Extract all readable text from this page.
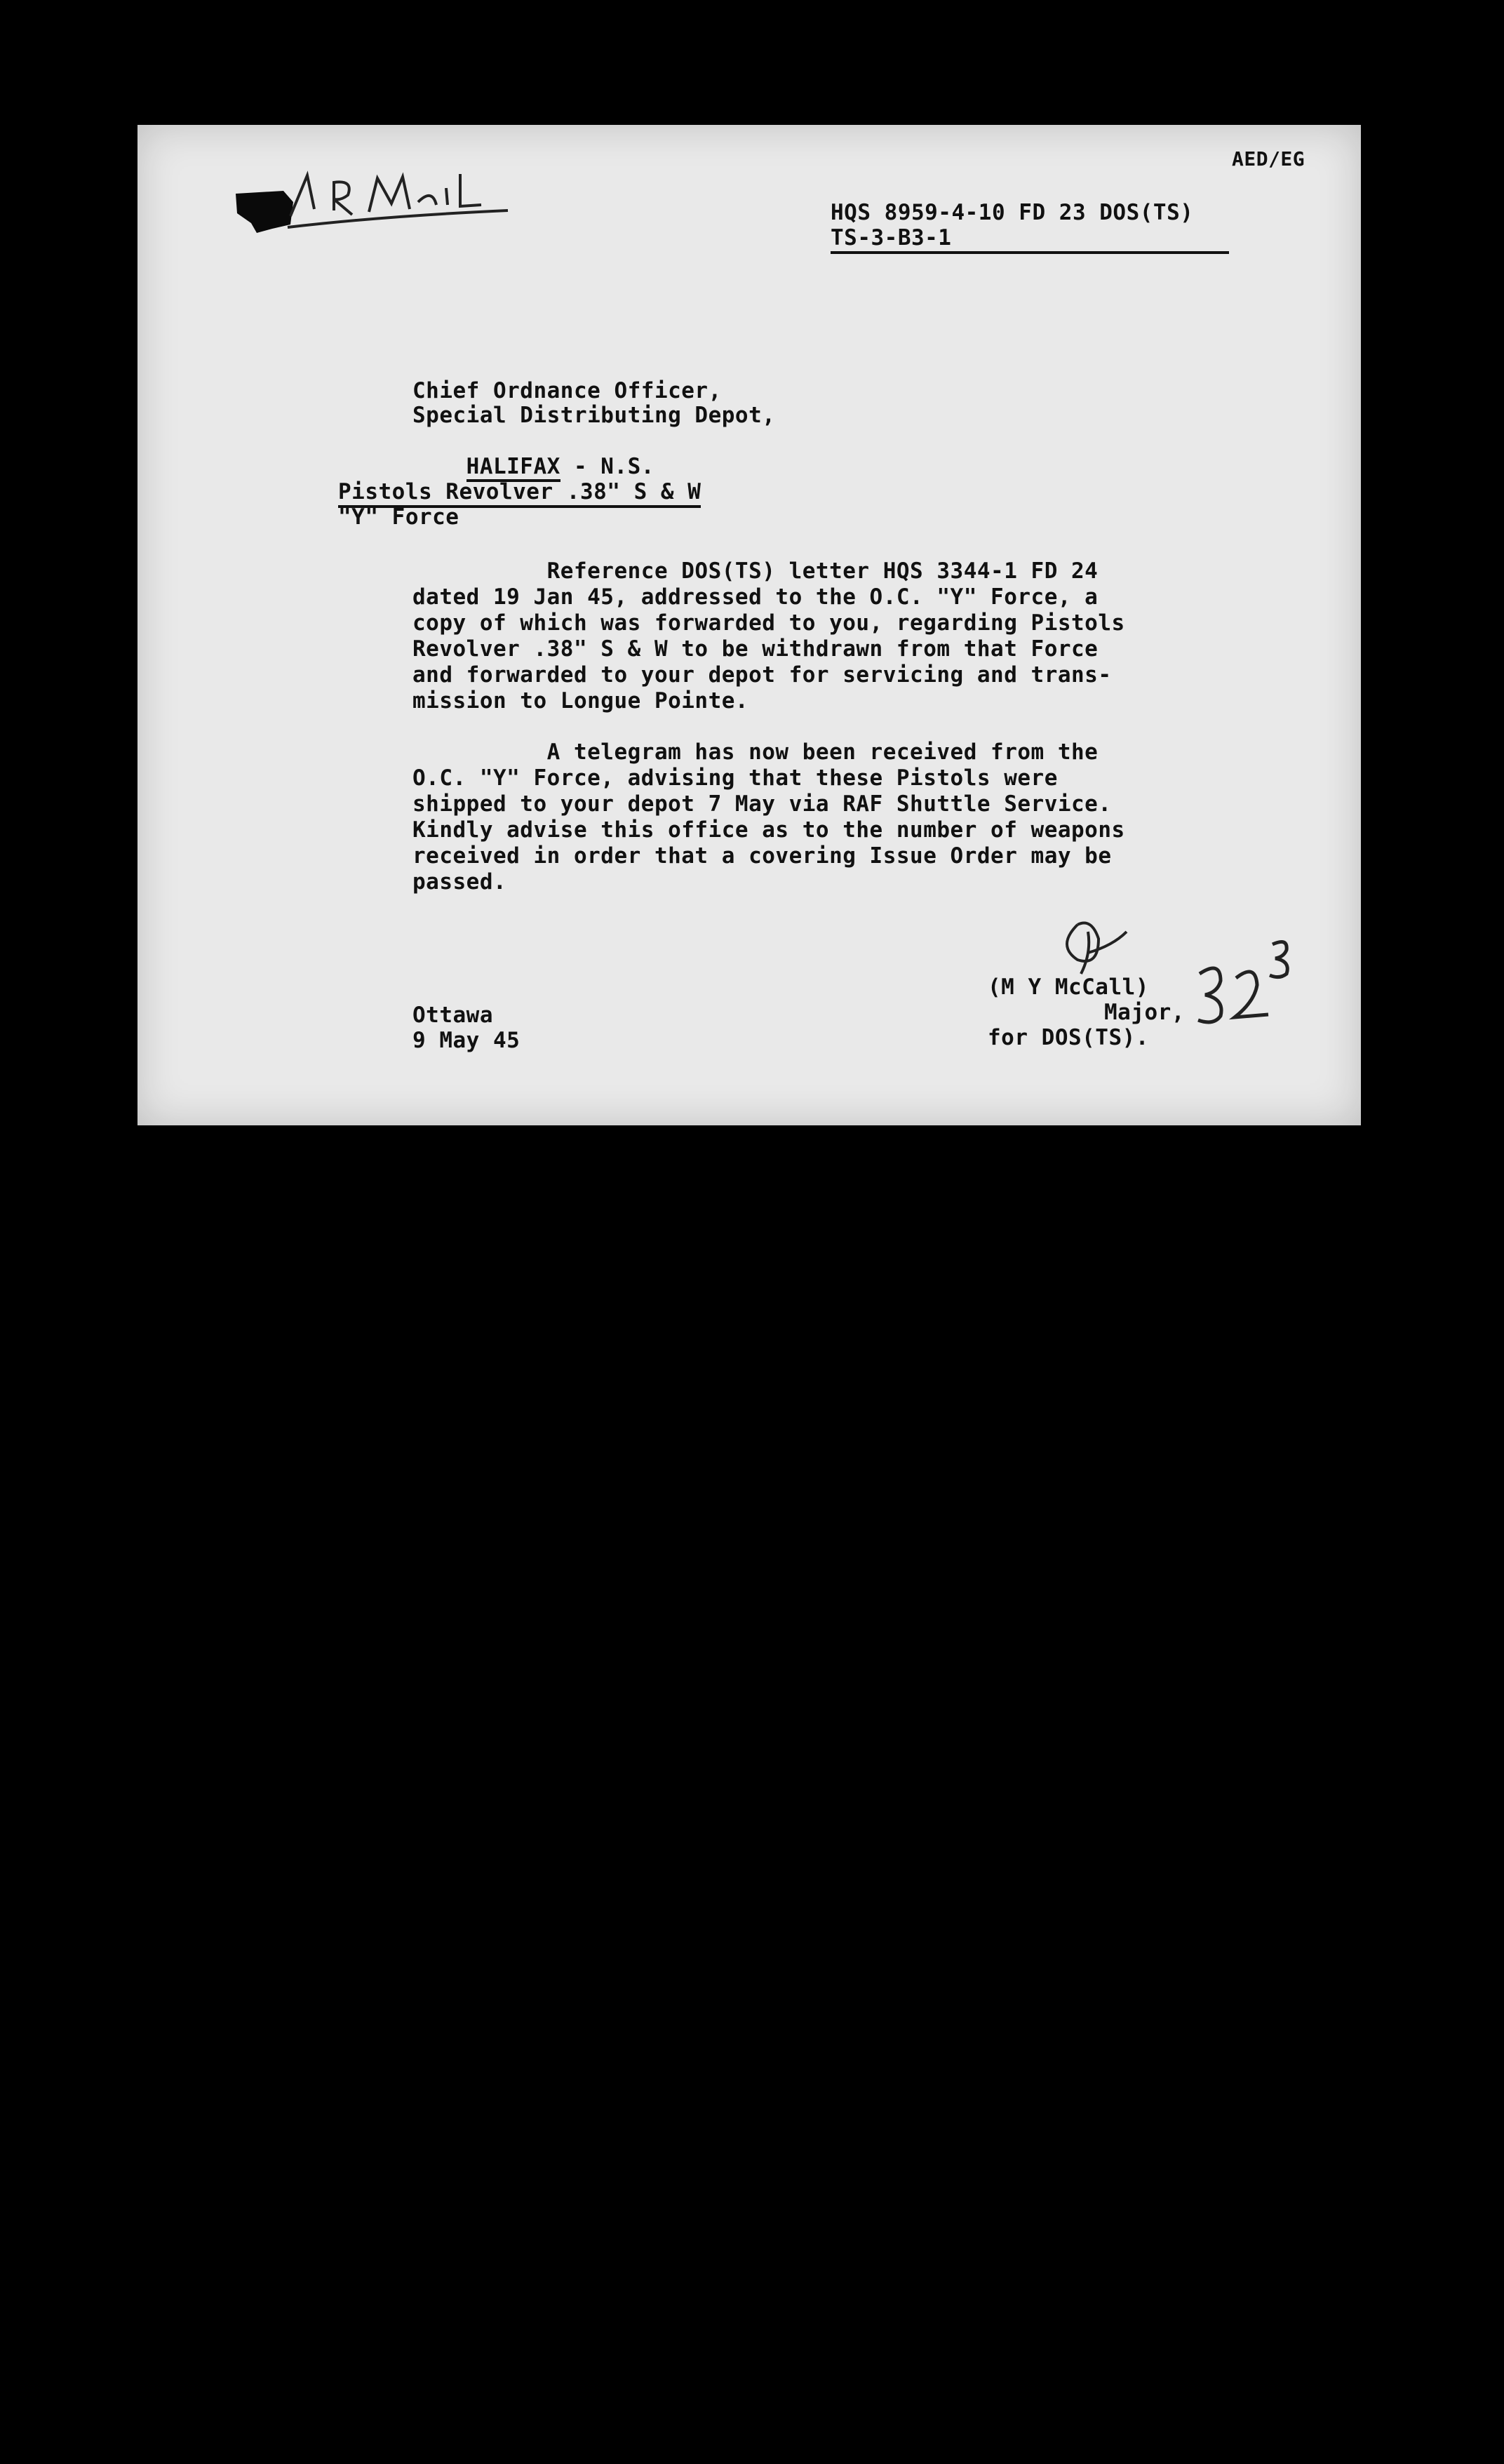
AED/EG
HQS 8959-4-10 FD 23 DOS(TS)
TS-3-B3-1
Chief Ordnance Officer,
Special Distributing Depot,

HALIFAX - N.S.

Pistols Revolver .38" S & W
"Y" Force
Reference DOS(TS) letter HQS 3344-1 FD 24
dated 19 Jan 45, addressed to the O.C. "Y" Force, a
copy of which was forwarded to you, regarding Pistols
Revolver .38" S & W to be withdrawn from that Force
and forwarded to your depot for servicing and trans-
mission to Longue Pointe.
A telegram has now been received from the
O.C. "Y" Force, advising that these Pistols were
shipped to your depot 7 May via RAF Shuttle Service.
Kindly advise this office as to the number of weapons
received in order that a covering Issue Order may be
passed.
Ottawa
9 May 45
(M Y McCall)
Major,
for DOS(TS).
